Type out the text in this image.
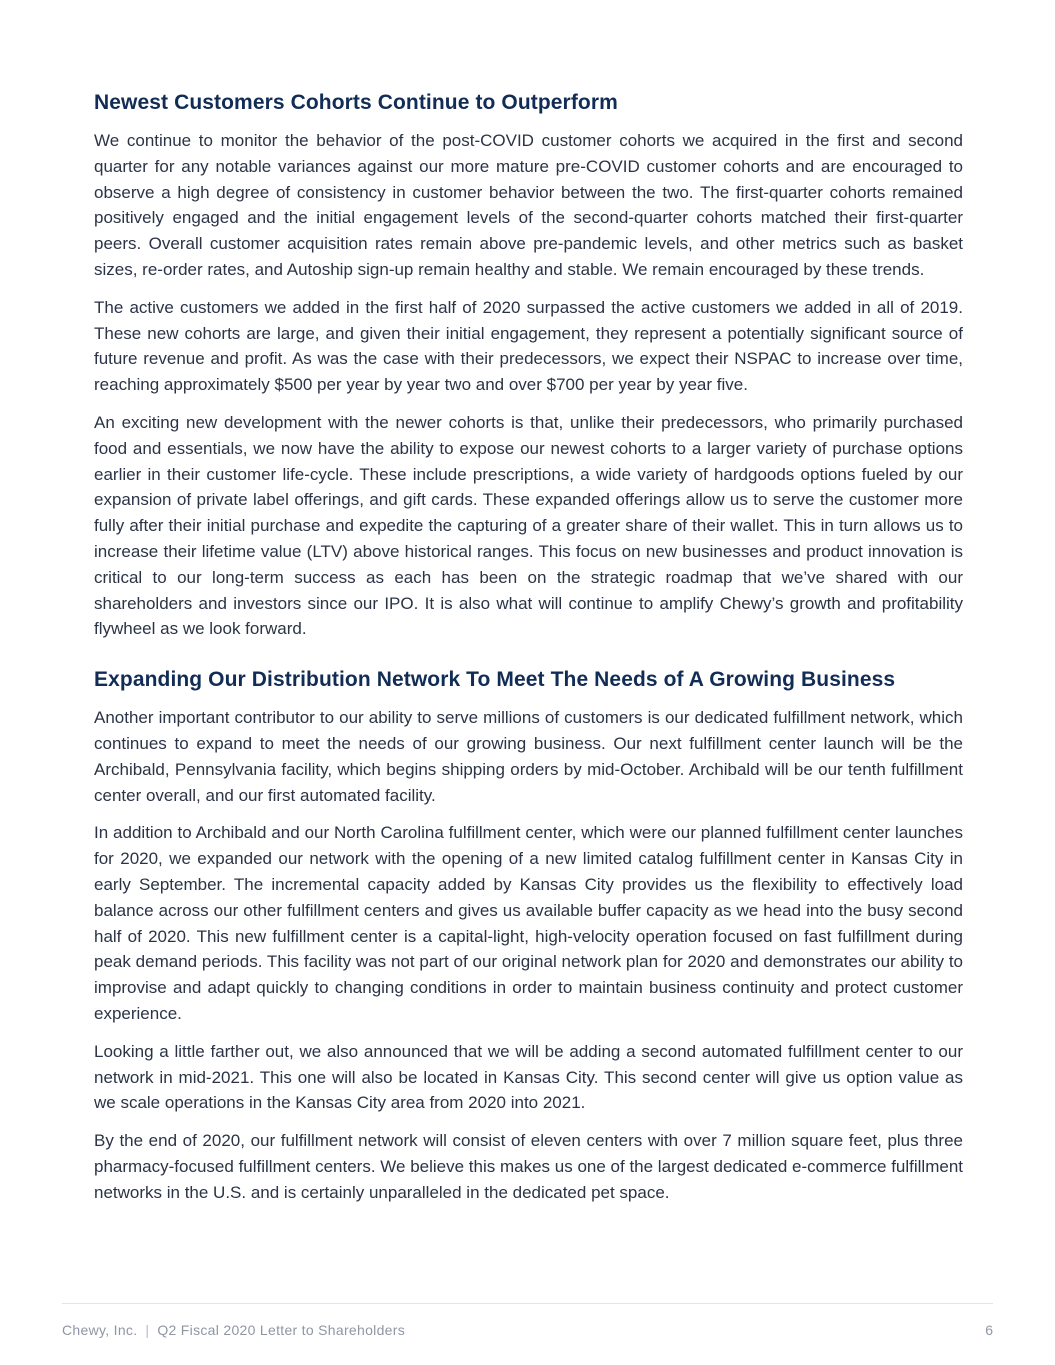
Newest Customers Cohorts Continue to Outperform

We continue to monitor the behavior of the post-COVID customer cohorts we acquired in the first and second quarter for any notable variances against our more mature pre-COVID customer cohorts and are encouraged to observe a high degree of consistency in customer behavior between the two. The first-quarter cohorts remained positively engaged and the initial engagement levels of the second-quarter cohorts matched their first-quarter peers. Overall customer acquisition rates remain above pre-pandemic levels, and other metrics such as basket sizes, re-order rates, and Autoship sign-up remain healthy and stable. We remain encouraged by these trends.

The active customers we added in the first half of 2020 surpassed the active customers we added in all of 2019. These new cohorts are large, and given their initial engagement, they represent a potentially significant source of future revenue and profit. As was the case with their predecessors, we expect their NSPAC to increase over time, reaching approximately $500 per year by year two and over $700 per year by year five.

An exciting new development with the newer cohorts is that, unlike their predecessors, who primarily purchased food and essentials, we now have the ability to expose our newest cohorts to a larger variety of purchase options earlier in their customer life-cycle. These include prescriptions, a wide variety of hardgoods options fueled by our expansion of private label offerings, and gift cards. These expanded offerings allow us to serve the customer more fully after their initial purchase and expedite the capturing of a greater share of their wallet. This in turn allows us to increase their lifetime value (LTV) above historical ranges. This focus on new businesses and product innovation is critical to our long-term success as each has been on the strategic roadmap that we’ve shared with our shareholders and investors since our IPO. It is also what will continue to amplify Chewy’s growth and profitability flywheel as we look forward.

Expanding Our Distribution Network To Meet The Needs of A Growing Business

Another important contributor to our ability to serve millions of customers is our dedicated fulfillment network, which continues to expand to meet the needs of our growing business. Our next fulfillment center launch will be the Archibald, Pennsylvania facility, which begins shipping orders by mid-October. Archibald will be our tenth fulfillment center overall, and our first automated facility.

In addition to Archibald and our North Carolina fulfillment center, which were our planned fulfillment center launches for 2020, we expanded our network with the opening of a new limited catalog fulfillment center in Kansas City in early September. The incremental capacity added by Kansas City provides us the flexibility to effectively load balance across our other fulfillment centers and gives us available buffer capacity as we head into the busy second half of 2020. This new fulfillment center is a capital-light, high-velocity operation focused on fast fulfillment during peak demand periods. This facility was not part of our original network plan for 2020 and demonstrates our ability to improvise and adapt quickly to changing conditions in order to maintain business continuity and protect customer experience.

Looking a little farther out, we also announced that we will be adding a second automated fulfillment center to our network in mid-2021. This one will also be located in Kansas City. This second center will give us option value as we scale operations in the Kansas City area from 2020 into 2021.

By the end of 2020, our fulfillment network will consist of eleven centers with over 7 million square feet, plus three pharmacy-focused fulfillment centers. We believe this makes us one of the largest dedicated e-commerce fulfillment networks in the U.S. and is certainly unparalleled in the dedicated pet space.

Chewy, Inc. | Q2 Fiscal 2020 Letter to Shareholders	6
